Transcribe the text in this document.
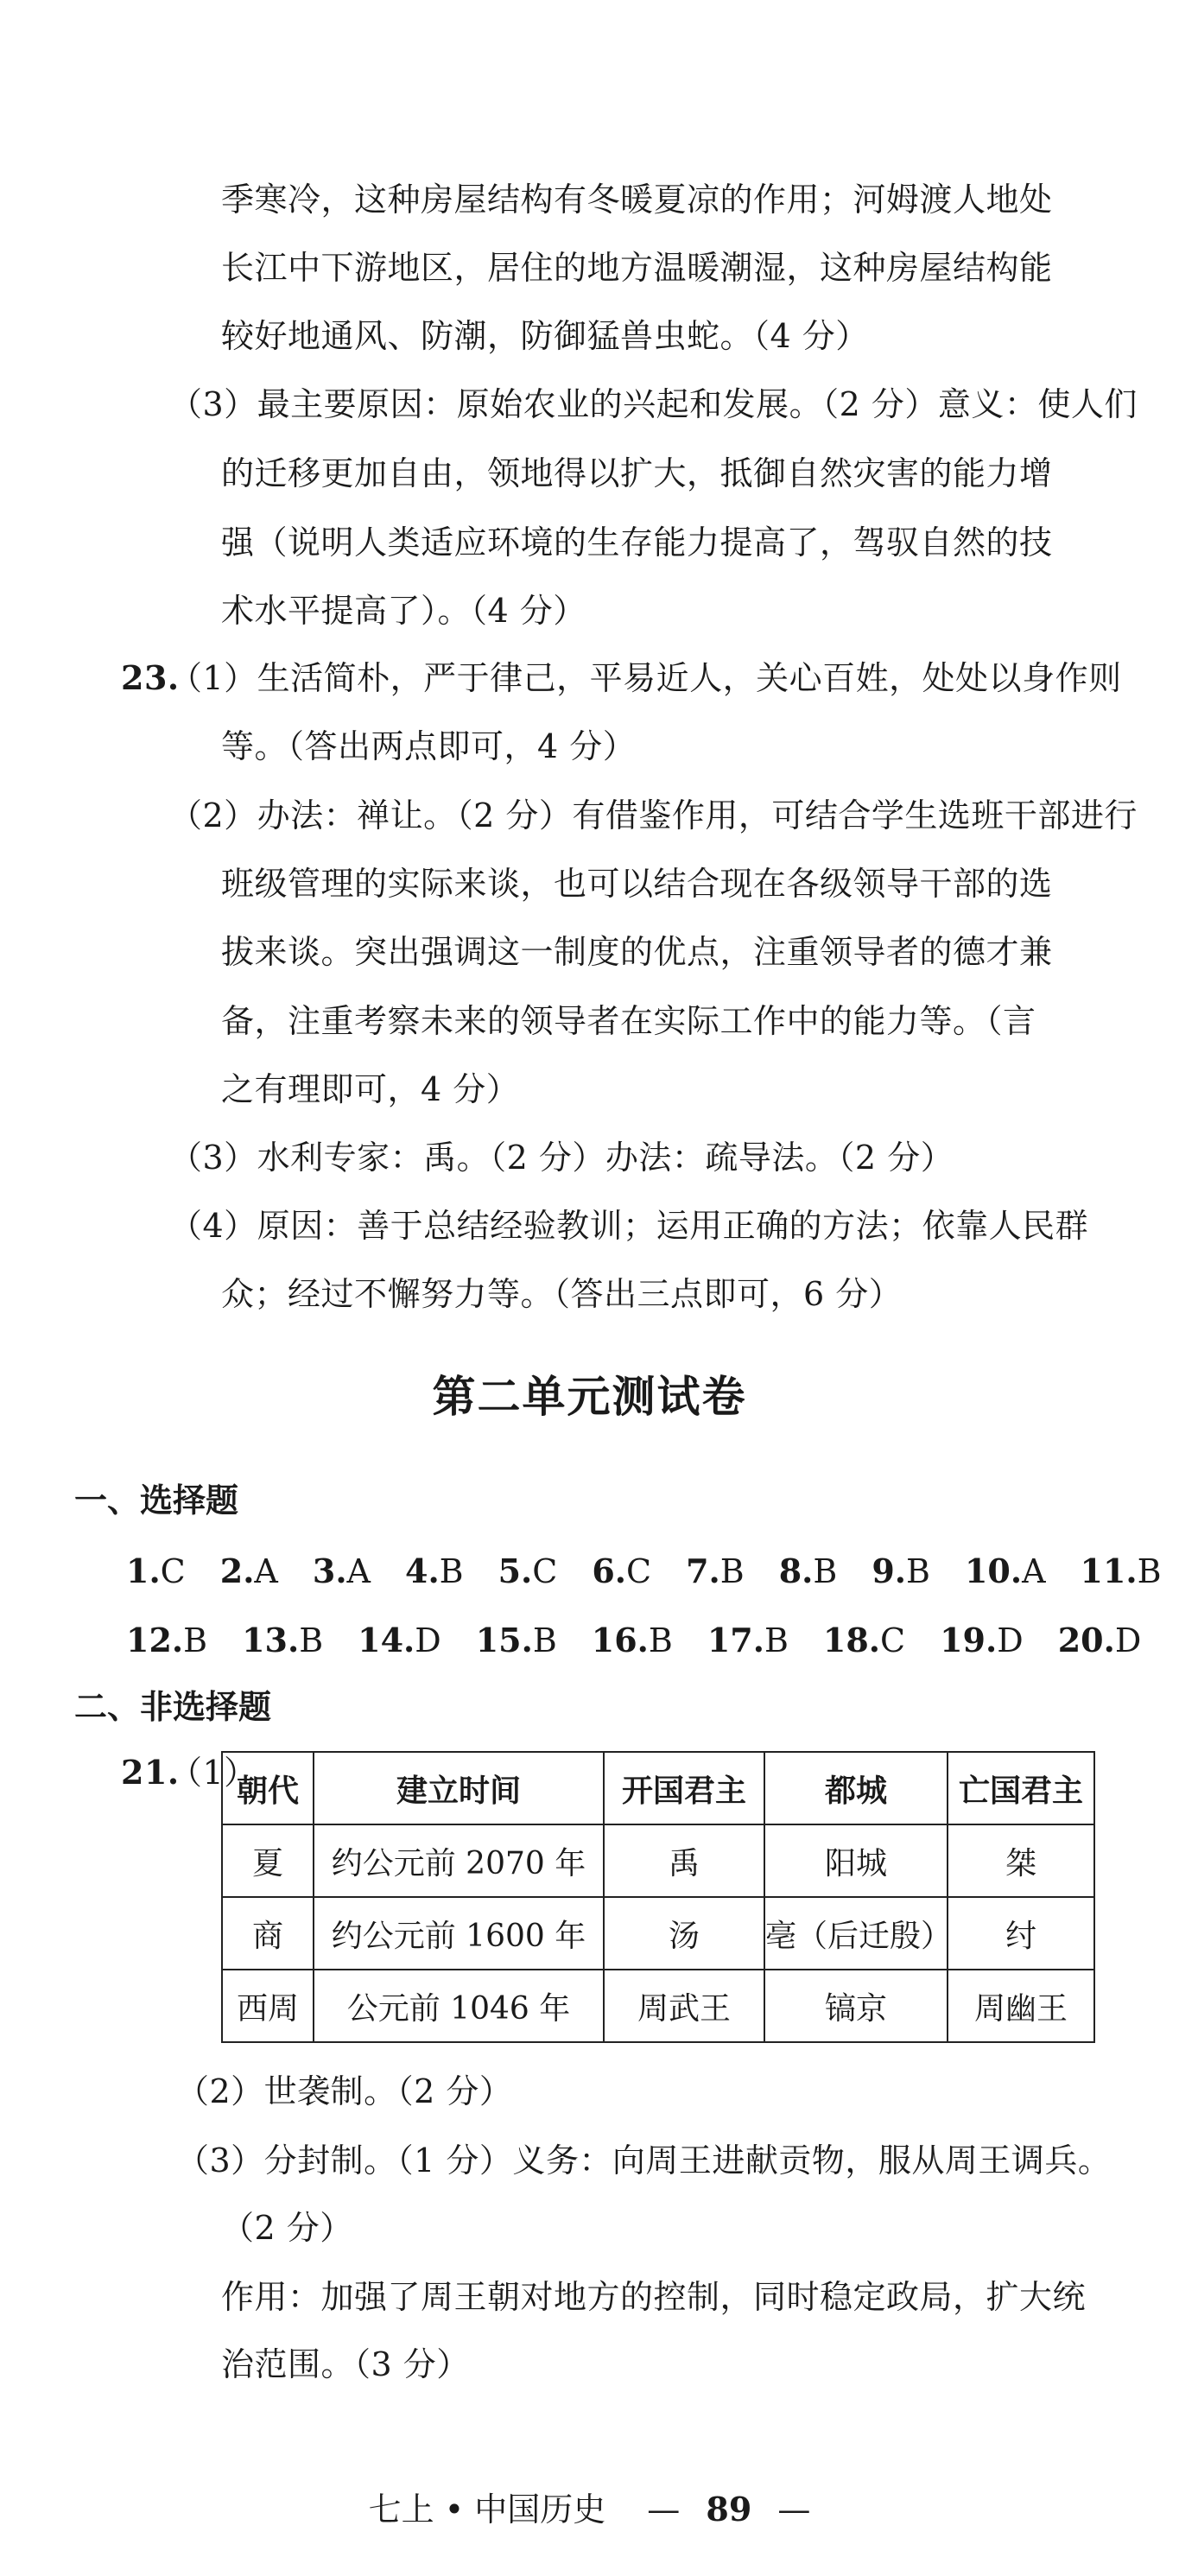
季寒冷，这种房屋结构有冬暖夏凉的作用；河姆渡人地处
长江中下游地区，居住的地方温暖潮湿，这种房屋结构能
较好地通风、防潮，防御猛兽虫蛇。（4 分）
（3）最主要原因：原始农业的兴起和发展。（2 分）意义：使人们
的迁移更加自由，领地得以扩大，抵御自然灾害的能力增
强（说明人类适应环境的生存能力提高了，驾驭自然的技
术水平提高了）。（4 分）
23.
（1）生活简朴，严于律己，平易近人，关心百姓，处处以身作则
等。（答出两点即可，4 分）
（2）办法：禅让。（2 分）有借鉴作用，可结合学生选班干部进行
班级管理的实际来谈，也可以结合现在各级领导干部的选
拔来谈。突出强调这一制度的优点，注重领导者的德才兼
备，注重考察未来的领导者在实际工作中的能力等。（言
之有理即可，4 分）
（3）水利专家：禹。（2 分）办法：疏导法。（2 分）
（4）原因：善于总结经验教训；运用正确的方法；依靠人民群
众；经过不懈努力等。（答出三点即可，6 分）
第二单元测试卷
一、选择题
1.C 2.A 3.A 4.B 5.C 6.C 7.B 8.B 9.B 10.A 11.B
12.B 13.B 14.D 15.B 16.B 17.B 18.C 19.D 20.D
二、非选择题
21.
（1）
朝代	建立时间	开国君主	都城	亡国君主
夏	约公元前 2070 年	禹	阳城	桀
商	约公元前 1600 年	汤	亳（后迁殷）	纣
西周	公元前 1046 年	周武王	镐京	周幽王
（2）世袭制。（2 分）
（3）分封制。（1 分）义务：向周王进献贡物，服从周王调兵。
（2 分）
作用：加强了周王朝对地方的控制，同时稳定政局，扩大统
治范围。（3 分）
七上 • 中国历史 — 89 —
